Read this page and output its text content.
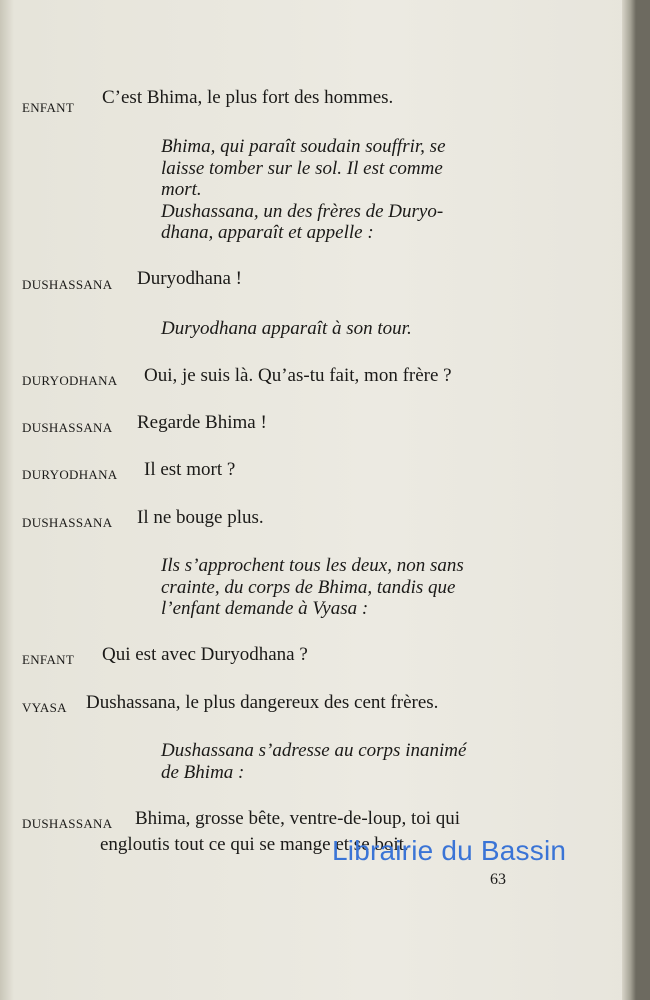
ENFANT C’est Bhima, le plus fort des hommes.
Bhima, qui paraît soudain souffrir, se
laisse tomber sur le sol. Il est comme
mort.
Dushassana, un des frères de Duryo-
dhana, apparaît et appelle :
DUSHASSANA Duryodhana !
Duryodhana apparaît à son tour.
DURYODHANA Oui, je suis là. Qu’as-tu fait, mon frère ?
DUSHASSANA Regarde Bhima !
DURYODHANA Il est mort ?
DUSHASSANA Il ne bouge plus.
Ils s’approchent tous les deux, non sans
crainte, du corps de Bhima, tandis que
l’enfant demande à Vyasa :
ENFANT Qui est avec Duryodhana ?
VYASA Dushassana, le plus dangereux des cent frères.
Dushassana s’adresse au corps inanimé
de Bhima :
DUSHASSANA Bhima, grosse bête, ventre-de-loup, toi qui
engloutis tout ce qui se mange et se boit.
63
Librairie du Bassin
